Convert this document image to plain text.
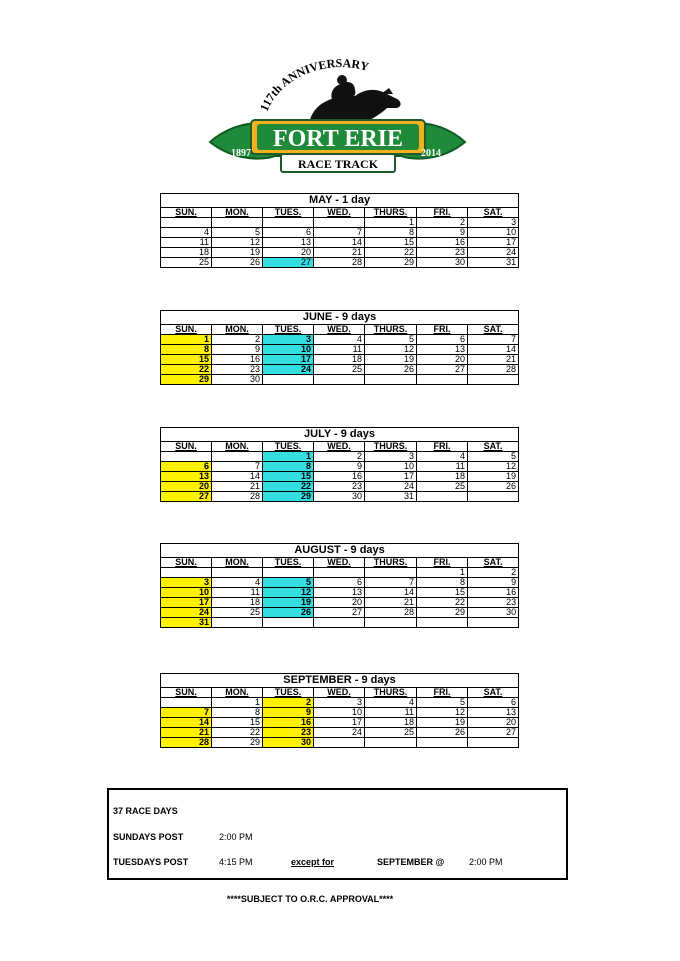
117th ANNIVERSARY
FORT ERIE
1897	2014
RACE TRACK
MAY - 1 day						
SUN.	MON.	TUES.	WED.	THURS.	FRI.	SAT.
				1	2	3
4	5	6	7	8	9	10
11	12	13	14	15	16	17
18	19	20	21	22	23	24
25	26	27	28	29	30	31
JUNE - 9 days						
SUN.	MON.	TUES.	WED.	THURS.	FRI.	SAT.
1	2	3	4	5	6	7
8	9	10	11	12	13	14
15	16	17	18	19	20	21
22	23	24	25	26	27	28
29	30					
JULY - 9 days						
SUN.	MON.	TUES.	WED.	THURS.	FRI.	SAT.
		1	2	3	4	5
6	7	8	9	10	11	12
13	14	15	16	17	18	19
20	21	22	23	24	25	26
27	28	29	30	31		
AUGUST - 9 days						
SUN.	MON.	TUES.	WED.	THURS.	FRI.	SAT.
					1	2
3	4	5	6	7	8	9
10	11	12	13	14	15	16
17	18	19	20	21	22	23
24	25	26	27	28	29	30
31						
SEPTEMBER - 9 days						
SUN.	MON.	TUES.	WED.	THURS.	FRI.	SAT.
	1	2	3	4	5	6
7	8	9	10	11	12	13
14	15	16	17	18	19	20
21	22	23	24	25	26	27
28	29	30				
37 RACE DAYS
SUNDAYS POST	2:00 PM
TUESDAYS POST	4:15 PM	except for	SEPTEMBER @	2:00 PM
****SUBJECT TO O.R.C. APPROVAL****
